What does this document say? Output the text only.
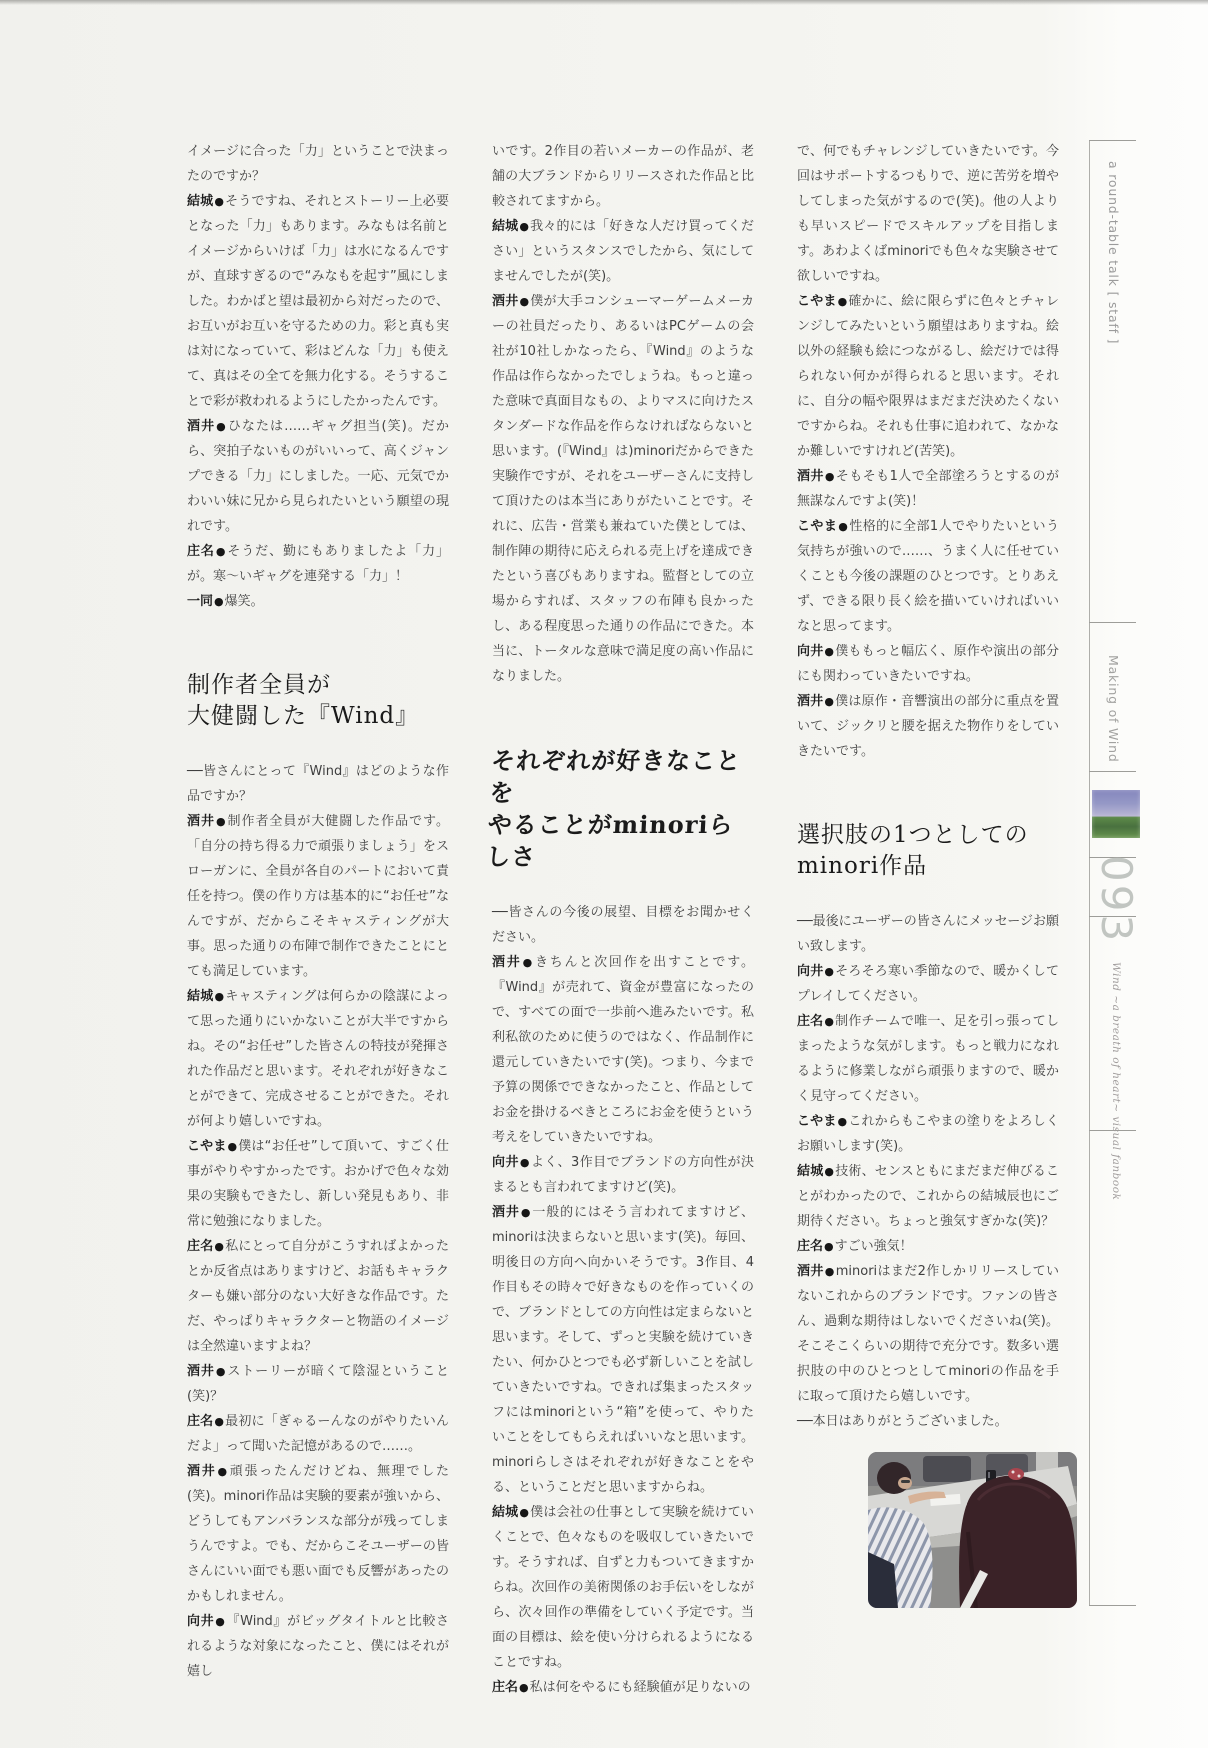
イメージに合った「力」ということで決まったのですか？

結城●そうですね、それとストーリー上必要となった「力」もあります。みなもは名前とイメージからいけば「力」は水になるんですが、直球すぎるので“みなもを起す”風にしました。わかばと望は最初から対だったので、お互いがお互いを守るための力。彩と真も実は対になっていて、彩はどんな「力」も使えて、真はその全てを無力化する。そうすることで彩が救われるようにしたかったんです。

酒井●ひなたは……ギャグ担当(笑)。だから、突拍子ないものがいいって、高くジャンプできる「力」にしました。一応、元気でかわいい妹に兄から見られたいという願望の現れです。

庄名●そうだ、勤にもありましたよ「力」が。寒〜いギャグを連発する「力」！

一同●爆笑。

制作者全員が
大健闘した『Wind』

──皆さんにとって『Wind』はどのような作品ですか？

酒井●制作者全員が大健闘した作品です。「自分の持ち得る力で頑張りましょう」をスローガンに、全員が各自のパートにおいて責任を持つ。僕の作り方は基本的に“お任せ”なんですが、だからこそキャスティングが大事。思った通りの布陣で制作できたことにとても満足しています。

結城●キャスティングは何らかの陰謀によって思った通りにいかないことが大半ですからね。その“お任せ”した皆さんの特技が発揮された作品だと思います。それぞれが好きなことができて、完成させることができた。それが何より嬉しいですね。

こやま●僕は“お任せ”して頂いて、すごく仕事がやりやすかったです。おかげで色々な効果の実験もできたし、新しい発見もあり、非常に勉強になりました。

庄名●私にとって自分がこうすればよかったとか反省点はありますけど、お話もキャラクターも嫌い部分のない大好きな作品です。ただ、やっぱりキャラクターと物語のイメージは全然違いますよね？

酒井●ストーリーが暗くて陰湿ということ(笑)？

庄名●最初に「ぎゃるーんなのがやりたいんだよ」って聞いた記憶があるので……。

酒井●頑張ったんだけどね、無理でした(笑)。minori作品は実験的要素が強いから、どうしてもアンバランスな部分が残ってしまうんですよ。でも、だからこそユーザーの皆さんにいい面でも悪い面でも反響があったのかもしれません。

向井●『Wind』がビッグタイトルと比較されるような対象になったこと、僕にはそれが嬉し

いです。2作目の若いメーカーの作品が、老舗の大ブランドからリリースされた作品と比較されてますから。

結城●我々的には「好きな人だけ買ってください」というスタンスでしたから、気にしてませんでしたが(笑)。

酒井●僕が大手コンシューマーゲームメーカーの社員だったり、あるいはPCゲームの会社が10社しかなったら、『Wind』のような作品は作らなかったでしょうね。もっと違った意味で真面目なもの、よりマスに向けたスタンダードな作品を作らなければならないと思います。(『Wind』は)minoriだからできた実験作ですが、それをユーザーさんに支持して頂けたのは本当にありがたいことです。それに、広告・営業も兼ねていた僕としては、制作陣の期待に応えられる売上げを達成できたという喜びもありますね。監督としての立場からすれば、スタッフの布陣も良かったし、ある程度思った通りの作品にできた。本当に、トータルな意味で満足度の高い作品になりました。

それぞれが好きなことを
やることがminoriらしさ

──皆さんの今後の展望、目標をお聞かせください。

酒井●きちんと次回作を出すことです。『Wind』が売れて、資金が豊富になったので、すべての面で一歩前へ進みたいです。私利私欲のために使うのではなく、作品制作に還元していきたいです(笑)。つまり、今まで予算の関係でできなかったこと、作品としてお金を掛けるべきところにお金を使うという考えをしていきたいですね。

向井●よく、3作目でブランドの方向性が決まるとも言われてますけど(笑)。

酒井●一般的にはそう言われてますけど、minoriは決まらないと思います(笑)。毎回、明後日の方向へ向かいそうです。3作目、4作目もその時々で好きなものを作っていくので、ブランドとしての方向性は定まらないと思います。そして、ずっと実験を続けていきたい、何かひとつでも必ず新しいことを試していきたいですね。できれば集まったスタッフにはminoriという“箱”を使って、やりたいことをしてもらえればいいなと思います。minoriらしさはそれぞれが好きなことをやる、ということだと思いますからね。

結城●僕は会社の仕事として実験を続けていくことで、色々なものを吸収していきたいです。そうすれば、自ずと力もついてきますからね。次回作の美術関係のお手伝いをしながら、次々回作の準備をしていく予定です。当面の目標は、絵を使い分けられるようになることですね。

庄名●私は何をやるにも経験値が足りないの

で、何でもチャレンジしていきたいです。今回はサポートするつもりで、逆に苦労を増やしてしまった気がするので(笑)。他の人よりも早いスピードでスキルアップを目指します。あわよくばminoriでも色々な実験させて欲しいですね。

こやま●確かに、絵に限らずに色々とチャレンジしてみたいという願望はありますね。絵以外の経験も絵につながるし、絵だけでは得られない何かが得られると思います。それに、自分の幅や限界はまだまだ決めたくないですからね。それも仕事に追われて、なかなか難しいですけれど(苦笑)。

酒井●そもそも1人で全部塗ろうとするのが無謀なんですよ(笑)！

こやま●性格的に全部1人でやりたいという気持ちが強いので……、うまく人に任せていくことも今後の課題のひとつです。とりあえず、できる限り長く絵を描いていければいいなと思ってます。

向井●僕ももっと幅広く、原作や演出の部分にも関わっていきたいですね。

酒井●僕は原作・音響演出の部分に重点を置いて、ジックリと腰を据えた物作りをしていきたいです。

選択肢の1つとしての
minori作品

──最後にユーザーの皆さんにメッセージお願い致します。

向井●そろそろ寒い季節なので、暖かくしてプレイしてください。

庄名●制作チームで唯一、足を引っ張ってしまったような気がします。もっと戦力になれるように修業しながら頑張りますので、暖かく見守ってください。

こやま●これからもこやまの塗りをよろしくお願いします(笑)。

結城●技術、センスともにまだまだ伸びることがわかったので、これからの結城辰也にご期待ください。ちょっと強気すぎかな(笑)？

庄名●すごい強気！

酒井●minoriはまだ2作しかリリースしていないこれからのブランドです。ファンの皆さん、過剰な期待はしないでくださいね(笑)。そこそこくらいの期待で充分です。数多い選択肢の中のひとつとしてminoriの作品を手に取って頂けたら嬉しいです。

──本日はありがとうございました。

a round-table talk [ staff ]
Making of Wind
093
Wind ~a breath of heart~ visual fanbook
